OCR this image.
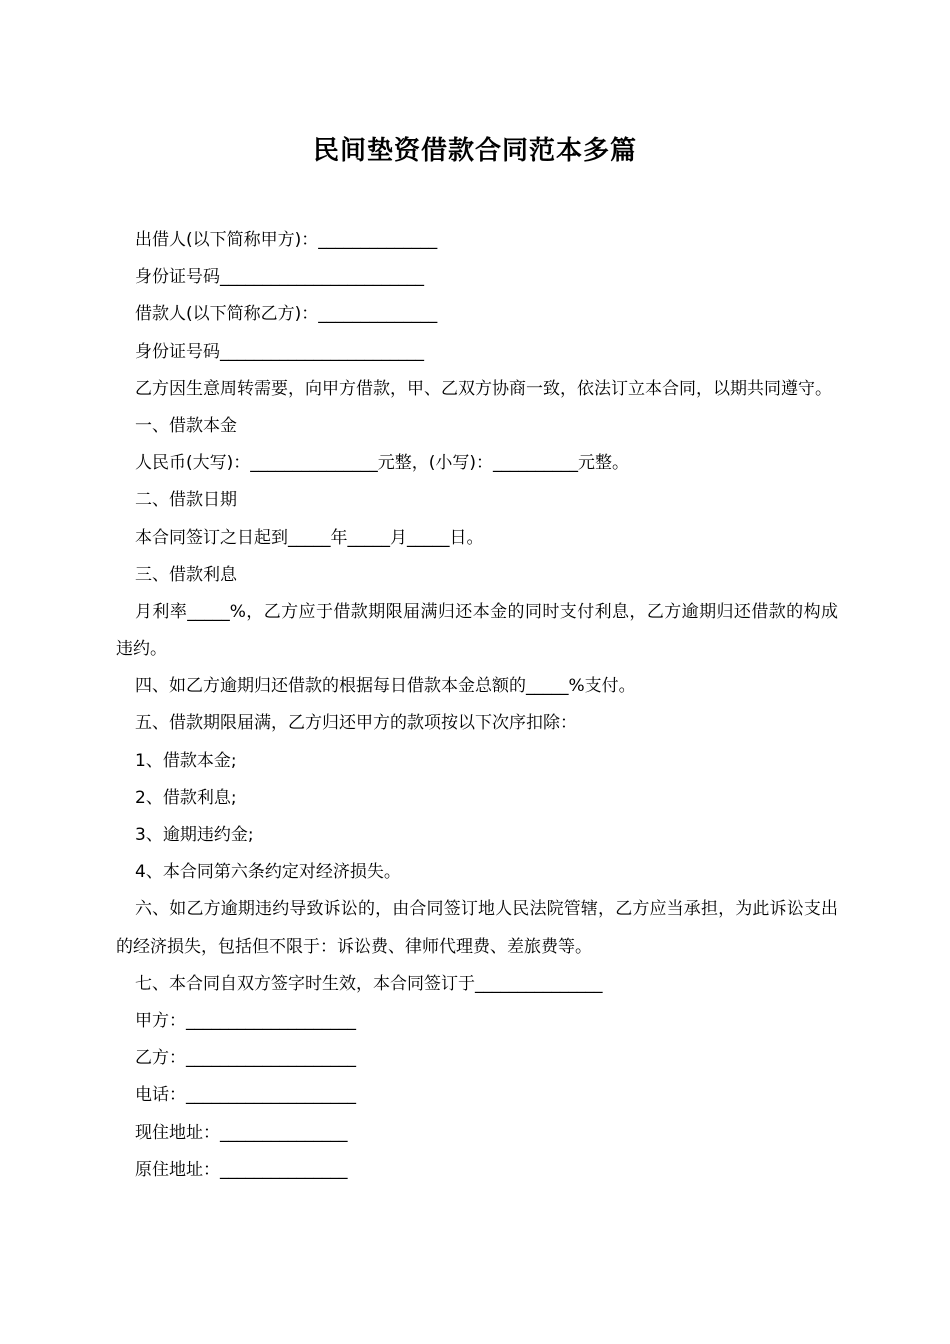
民间垫资借款合同范本多篇
出借人(以下简称甲方)：______________
身份证号码________________________
借款人(以下简称乙方)：______________
身份证号码________________________
乙方因生意周转需要，向甲方借款，甲、乙双方协商一致，依法订立本合同，以期共同遵守。
一、借款本金
人民币(大写)：_______________元整，(小写)：__________元整。
二、借款日期
本合同签订之日起到_____年_____月_____日。
三、借款利息
月利率_____%，乙方应于借款期限届满归还本金的同时支付利息，乙方逾期归还借款的构成违约。
四、如乙方逾期归还借款的根据每日借款本金总额的_____%支付。
五、借款期限届满，乙方归还甲方的款项按以下次序扣除：
1、借款本金;
2、借款利息;
3、逾期违约金;
4、本合同第六条约定对经济损失。
六、如乙方逾期违约导致诉讼的，由合同签订地人民法院管辖，乙方应当承担，为此诉讼支出的经济损失，包括但不限于：诉讼费、律师代理费、差旅费等。
七、本合同自双方签字时生效，本合同签订于_______________
甲方：____________________
乙方：____________________
电话：____________________
现住地址：_______________
原住地址：_______________
